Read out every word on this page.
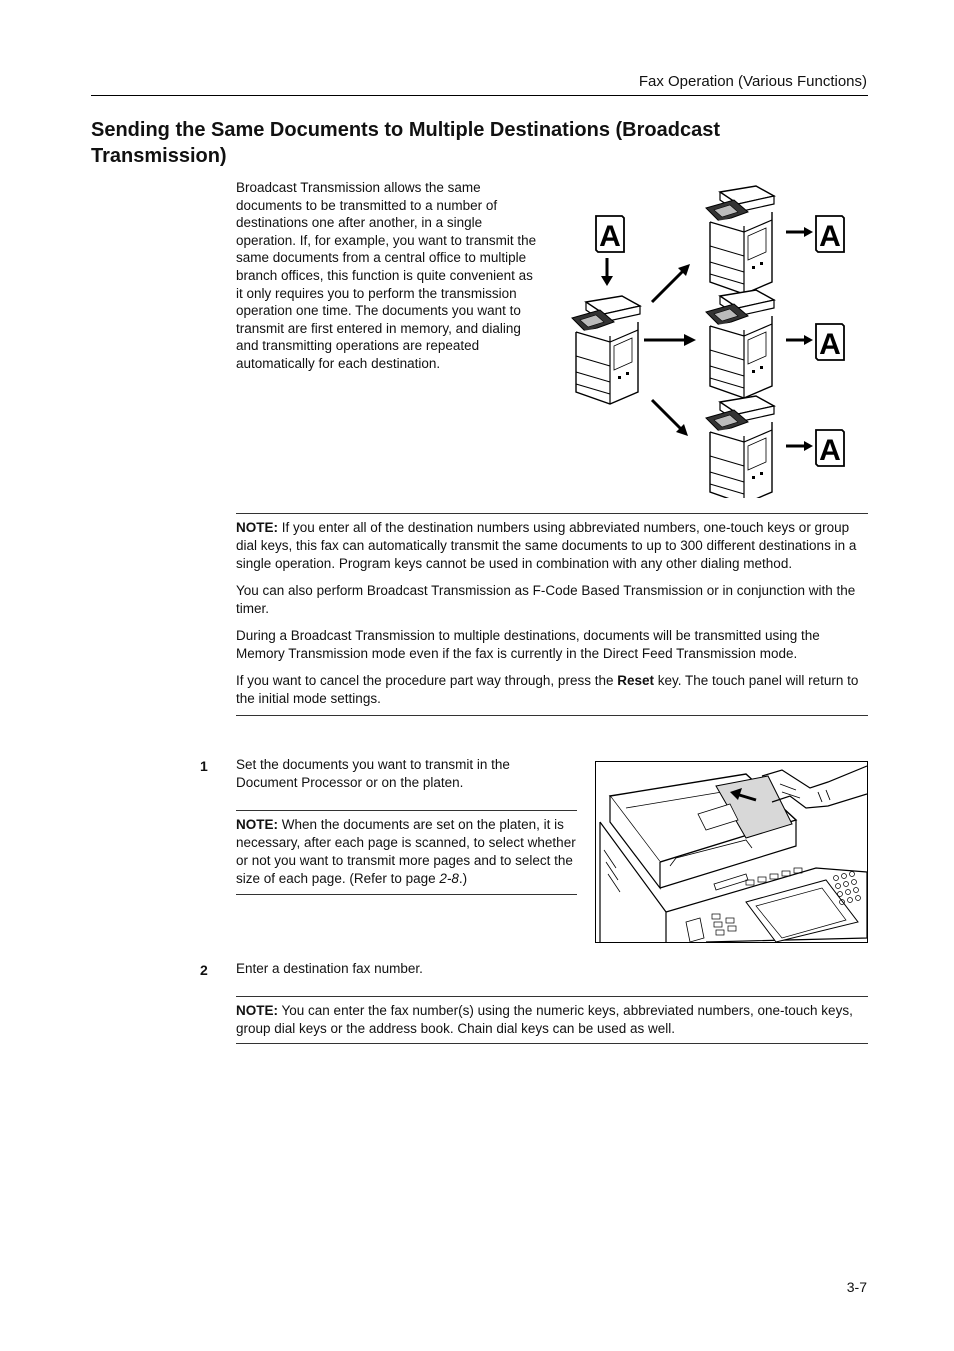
Fax Operation (Various Functions)
Sending the Same Documents to Multiple Destinations (Broadcast Transmission)
Broadcast Transmission allows the same documents to be transmitted to a number of destinations one after another, in a single operation. If, for example, you want to transmit the same documents from a central office to multiple branch offices, this function is quite convenient as it only requires you to perform the transmission operation one time. The documents you want to transmit are first entered in memory, and dialing and transmitting operations are repeated automatically for each destination.
A

NOTE: If you enter all of the destination numbers using abbreviated numbers, one-touch keys or group dial keys, this fax can automatically transmit the same documents to up to 300 different destinations in a single operation. Program keys cannot be used in combination with any other dialing method.

You can also perform Broadcast Transmission as F-Code Based Transmission or in conjunction with the timer.

During a Broadcast Transmission to multiple destinations, documents will be transmitted using the Memory Transmission mode even if the fax is currently in the Direct Feed Transmission mode.

If you want to cancel the procedure part way through, press the Reset key. The touch panel will return to the initial mode settings.

1 Set the documents you want to transmit in the Document Processor or on the platen.

NOTE: When the documents are set on the platen, it is necessary, after each page is scanned, to select whether or not you want to transmit more pages and to select the size of each page. (Refer to page 2-8.)

2 Enter a destination fax number.

NOTE: You can enter the fax number(s) using the numeric keys, abbreviated numbers, one-touch keys, group dial keys or the address book. Chain dial keys can be used as well.

3-7
